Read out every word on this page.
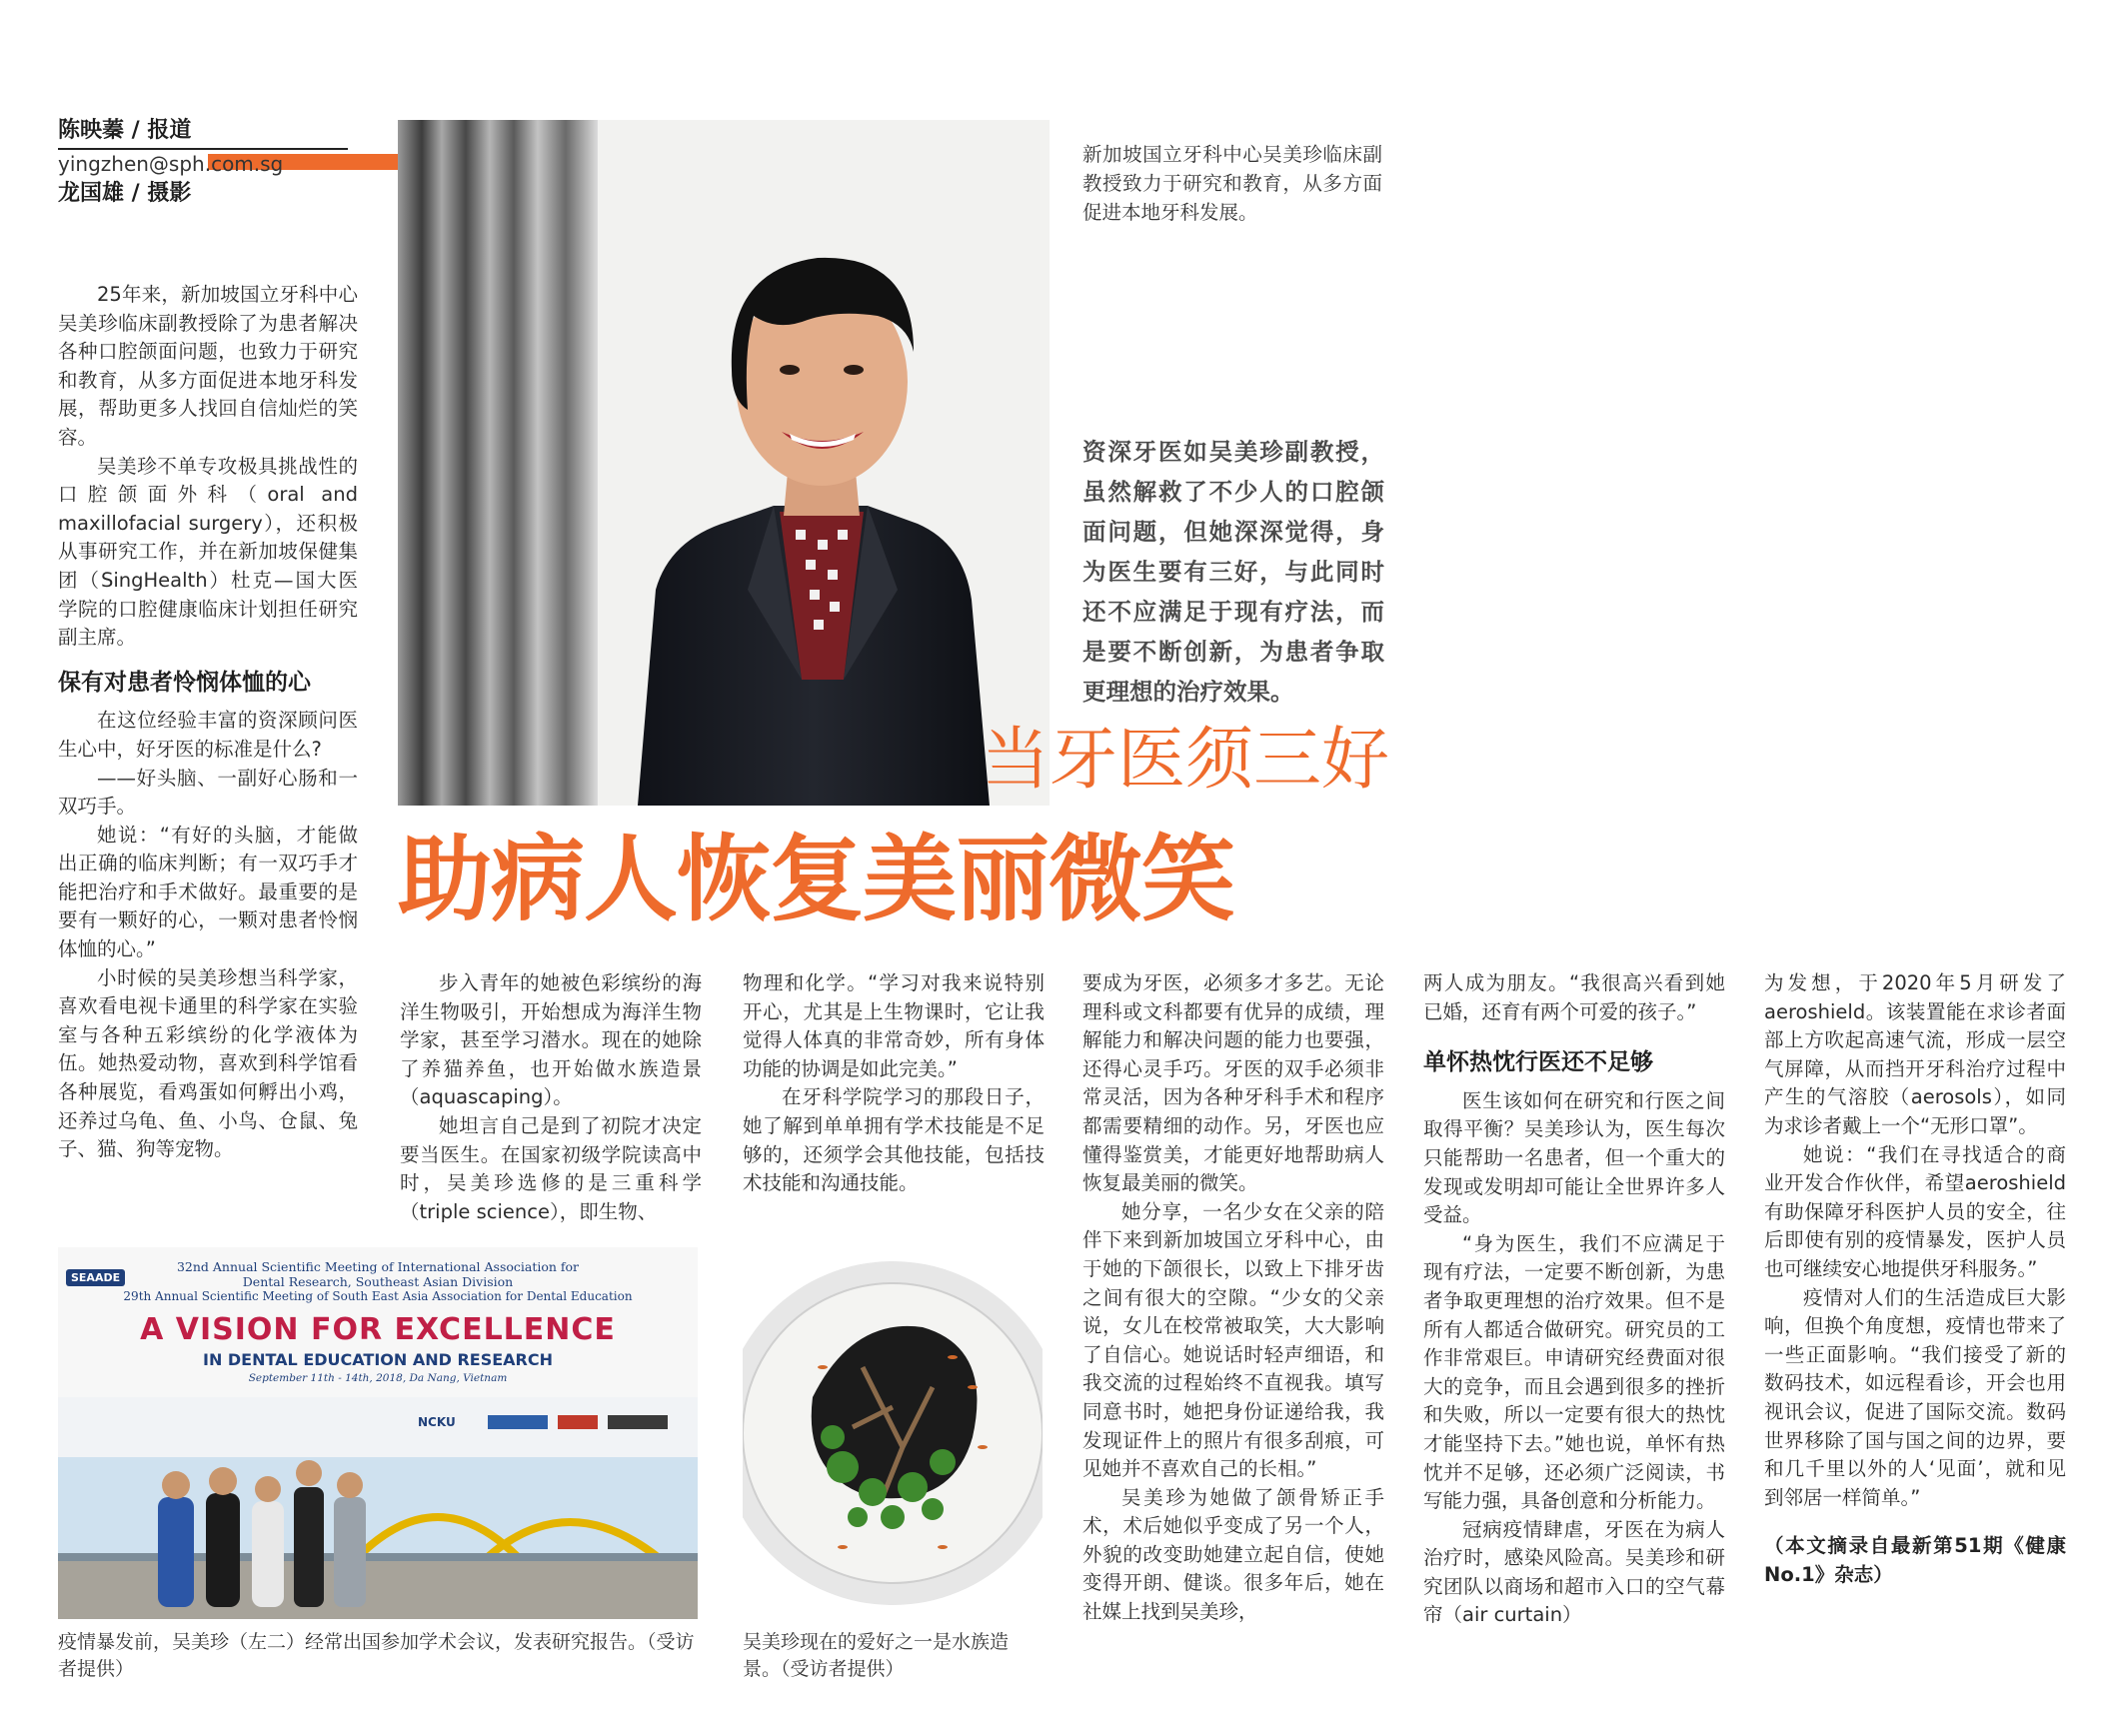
陈映蓁 / 报道
yingzhen@sph.com.sg
龙国雄 / 摄影

25年来，新加坡国立牙科中心吴美珍临床副教授除了为患者解决各种口腔颌面问题，也致力于研究和教育，从多方面促进本地牙科发展，帮助更多人找回自信灿烂的笑容。

吴美珍不单专攻极具挑战性的口腔颌面外科（oral and maxillofacial surgery），还积极从事研究工作，并在新加坡保健集团（SingHealth）杜克—国大医学院的口腔健康临床计划担任研究副主席。

保有对患者怜悯体恤的心

在这位经验丰富的资深顾问医生心中，好牙医的标准是什么?

——好头脑、一副好心肠和一双巧手。

她说：“有好的头脑，才能做出正确的临床判断；有一双巧手才能把治疗和手术做好。最重要的是要有一颗好的心，一颗对患者怜悯体恤的心。”

小时候的吴美珍想当科学家，喜欢看电视卡通里的科学家在实验室与各种五彩缤纷的化学液体为伍。她热爱动物，喜欢到科学馆看各种展览，看鸡蛋如何孵出小鸡，还养过乌龟、鱼、小鸟、仓鼠、兔子、猫、狗等宠物。

新加坡国立牙科中心吴美珍临床副教授致力于研究和教育，从多方面促进本地牙科发展。
资深牙医如吴美珍副教授，虽然解救了不少人的口腔颌面问题，但她深深觉得，身为医生要有三好，与此同时还不应满足于现有疗法，而是要不断创新，为患者争取更理想的治疗效果。
当牙医须三好
助病人恢复美丽微笑

步入青年的她被色彩缤纷的海洋生物吸引，开始想成为海洋生物学家，甚至学习潜水。现在的她除了养猫养鱼，也开始做水族造景（aquascaping）。

她坦言自己是到了初院才决定要当医生。在国家初级学院读高中时，吴美珍选修的是三重科学（triple science），即生物、

物理和化学。“学习对我来说特别开心，尤其是上生物课时，它让我觉得人体真的非常奇妙，所有身体功能的协调是如此完美。”

在牙科学院学习的那段日子，她了解到单单拥有学术技能是不足够的，还须学会其他技能，包括技术技能和沟通技能。

要成为牙医，必须多才多艺。无论理科或文科都要有优异的成绩，理解能力和解决问题的能力也要强，还得心灵手巧。牙医的双手必须非常灵活，因为各种牙科手术和程序都需要精细的动作。另，牙医也应懂得鉴赏美，才能更好地帮助病人恢复最美丽的微笑。

她分享，一名少女在父亲的陪伴下来到新加坡国立牙科中心，由于她的下颌很长，以致上下排牙齿之间有很大的空隙。“少女的父亲说，女儿在校常被取笑，大大影响了自信心。她说话时轻声细语，和我交流的过程始终不直视我。填写同意书时，她把身份证递给我，我发现证件上的照片有很多刮痕，可见她并不喜欢自己的长相。”

吴美珍为她做了颌骨矫正手术，术后她似乎变成了另一个人，外貌的改变助她建立起自信，使她变得开朗、健谈。很多年后，她在社媒上找到吴美珍，

两人成为朋友。“我很高兴看到她已婚，还育有两个可爱的孩子。”

单怀热忱行医还不足够

医生该如何在研究和行医之间取得平衡？吴美珍认为，医生每次只能帮助一名患者，但一个重大的发现或发明却可能让全世界许多人受益。

“身为医生，我们不应满足于现有疗法，一定要不断创新，为患者争取更理想的治疗效果。但不是所有人都适合做研究。研究员的工作非常艰巨。申请研究经费面对很大的竞争，而且会遇到很多的挫折和失败，所以一定要有很大的热忱才能坚持下去。”她也说，单怀有热忱并不足够，还必须广泛阅读，书写能力强，具备创意和分析能力。

冠病疫情肆虐，牙医在为病人治疗时，感染风险高。吴美珍和研究团队以商场和超市入口的空气幕帘（air curtain）

为发想，于2020年5月研发了aeroshield。该装置能在求诊者面部上方吹起高速气流，形成一层空气屏障，从而挡开牙科治疗过程中产生的气溶胶（aerosols），如同为求诊者戴上一个“无形口罩”。

她说：“我们在寻找适合的商业开发合作伙伴，希望aeroshield有助保障牙科医护人员的安全，往后即使有别的疫情暴发，医护人员也可继续安心地提供牙科服务。”

疫情对人们的生活造成巨大影响，但换个角度想，疫情也带来了一些正面影响。“我们接受了新的数码技术，如远程看诊，开会也用视讯会议，促进了国际交流。数码世界移除了国与国之间的边界，要和几千里以外的人‘见面’，就和见到邻居一样简单。”

（本文摘录自最新第51期《健康No.1》杂志）
SEAADE
32nd Annual Scientific Meeting of International Association for
Dental Research, Southeast Asian Division
29th Annual Scientific Meeting of South East Asia Association for Dental Education
A VISION FOR EXCELLENCE
IN DENTAL EDUCATION AND RESEARCH
September 11th - 14th, 2018, Da Nang, Vietnam
NCKU
疫情暴发前，吴美珍（左二）经常出国参加学术会议，发表研究报告。（受访者提供）
吴美珍现在的爱好之一是水族造景。（受访者提供）
